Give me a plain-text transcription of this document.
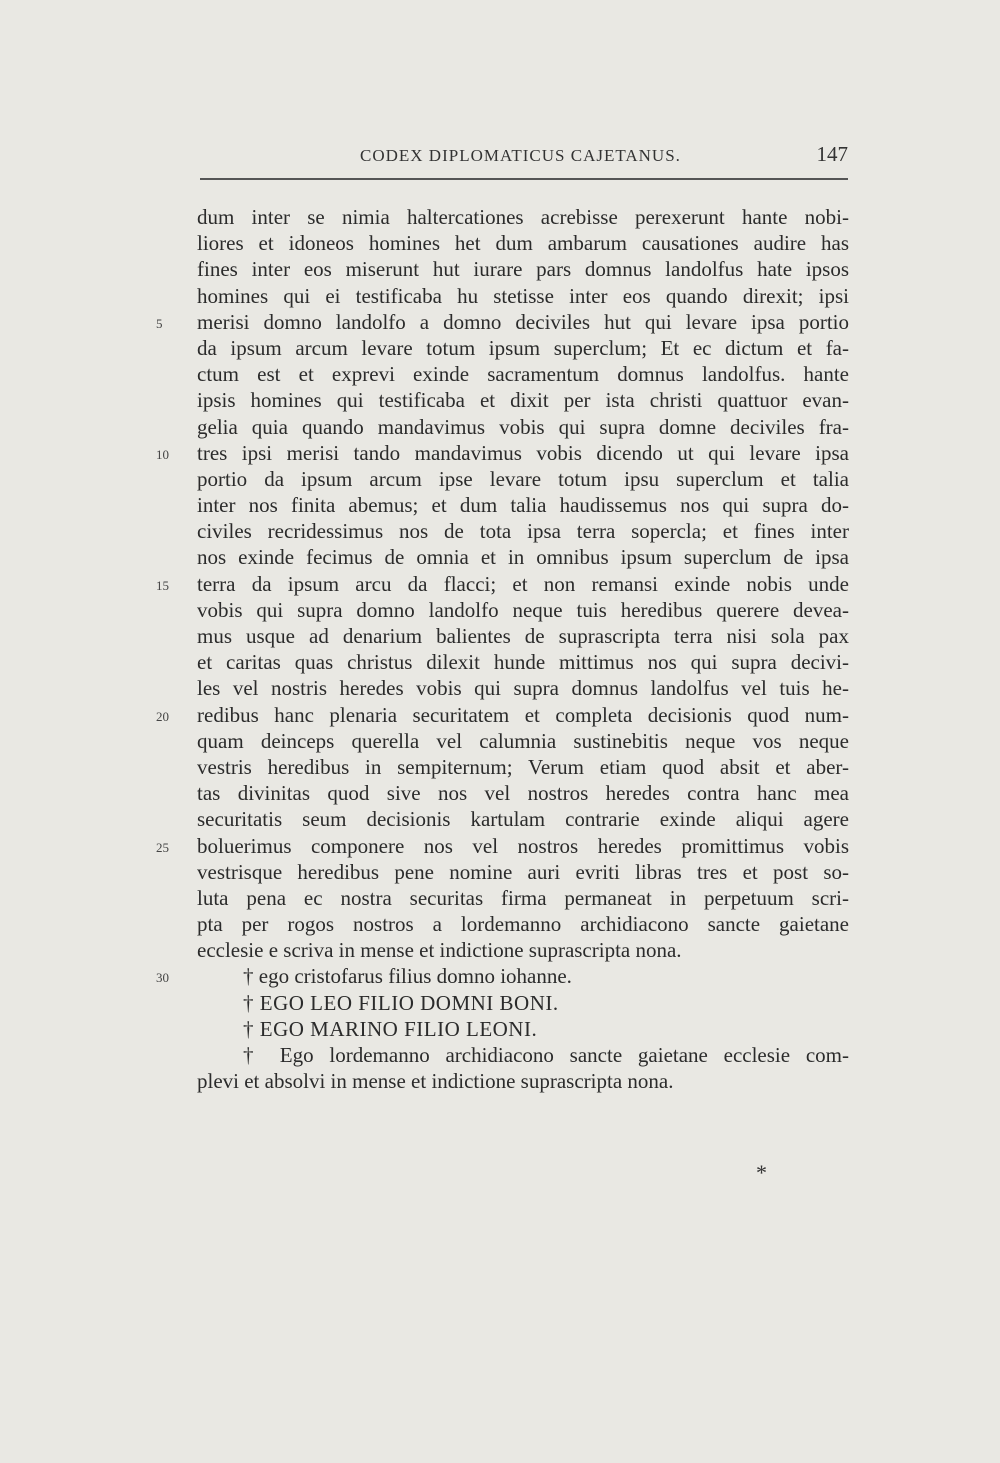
CODEX DIPLOMATICUS CAJETANUS.	147
dum inter se nimia haltercationes acrebisse perexerunt hante nobi-
liores et idoneos homines het dum ambarum causationes audire has
fines inter eos miserunt hut iurare pars domnus landolfus hate ipsos
homines qui ei testificaba hu stetisse inter eos quando direxit; ipsi
5	merisi domno landolfo a domno deciviles hut qui levare ipsa portio
da ipsum arcum levare totum ipsum superclum; Et ec dictum et fa-
ctum est et exprevi exinde sacramentum domnus landolfus. hante
ipsis homines qui testificaba et dixit per ista christi quattuor evan-
gelia quia quando mandavimus vobis qui supra domne deciviles fra-
10	tres ipsi merisi tando mandavimus vobis dicendo ut qui levare ipsa
portio da ipsum arcum ipse levare totum ipsu superclum et talia
inter nos finita abemus; et dum talia haudissemus nos qui supra do-
civiles recridessimus nos de tota ipsa terra sopercla; et fines inter
nos exinde fecimus de omnia et in omnibus ipsum superclum de ipsa
15	terra da ipsum arcu da flacci; et non remansi exinde nobis unde
vobis qui supra domno landolfo neque tuis heredibus querere devea-
mus usque ad denarium balientes de suprascripta terra nisi sola pax
et caritas quas christus dilexit hunde mittimus nos qui supra decivi-
les vel nostris heredes vobis qui supra domnus landolfus vel tuis he-
20	redibus hanc plenaria securitatem et completa decisionis quod num-
quam deinceps querella vel calumnia sustinebitis neque vos neque
vestris heredibus in sempiternum; Verum etiam quod absit et aber-
tas divinitas quod sive nos vel nostros heredes contra hanc mea
securitatis seum decisionis kartulam contrarie exinde aliqui agere
25	boluerimus componere nos vel nostros heredes promittimus vobis
vestrisque heredibus pene nomine auri evriti libras tres et post so-
luta pena ec nostra securitas firma permaneat in perpetuum scri-
pta per rogos nostros a lordemanno archidiacono sancte gaietane
ecclesie e scriva in mense et indictione suprascripta nona.
30	† ego cristofarus filius domno iohanne.
† EGO LEO FILIO DOMNI BONI.
† EGO MARINO FILIO LEONI.
† Ego lordemanno archidiacono sancte gaietane ecclesie com-
plevi et absolvi in mense et indictione suprascripta nona.
*
